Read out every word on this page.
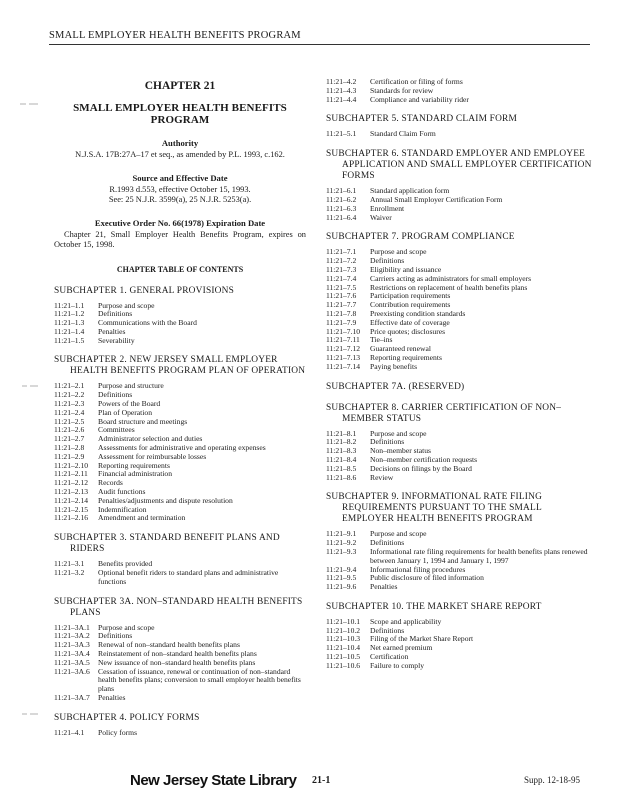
SMALL EMPLOYER HEALTH BENEFITS PROGRAM
CHAPTER 21
SMALL EMPLOYER HEALTH BENEFITS PROGRAM
Authority
N.J.S.A. 17B:27A–17 et seq., as amended by P.L. 1993, c.162.
Source and Effective Date
R.1993 d.553, effective October 15, 1993.
See: 25 N.J.R. 3599(a), 25 N.J.R. 5253(a).
Executive Order No. 66(1978) Expiration Date
Chapter 21, Small Employer Health Benefits Program, expires on October 15, 1998.
CHAPTER TABLE OF CONTENTS
SUBCHAPTER 1. GENERAL PROVISIONS
11:21–1.1	Purpose and scope
11:21–1.2	Definitions
11:21–1.3	Communications with the Board
11:21–1.4	Penalties
11:21–1.5	Severability
SUBCHAPTER 2. NEW JERSEY SMALL EMPLOYER HEALTH BENEFITS PROGRAM PLAN OF OPERATION
11:21–2.1	Purpose and structure
11:21–2.2	Definitions
11:21–2.3	Powers of the Board
11:21–2.4	Plan of Operation
11:21–2.5	Board structure and meetings
11:21–2.6	Committees
11:21–2.7	Administrator selection and duties
11:21–2.8	Assessments for administrative and operating expenses
11:21–2.9	Assessment for reimbursable losses
11:21–2.10	Reporting requirements
11:21–2.11	Financial administration
11:21–2.12	Records
11:21–2.13	Audit functions
11:21–2.14	Penalties/adjustments and dispute resolution
11:21–2.15	Indemnification
11:21–2.16	Amendment and termination
SUBCHAPTER 3. STANDARD BENEFIT PLANS AND RIDERS
11:21–3.1	Benefits provided
11:21–3.2	Optional benefit riders to standard plans and administrative functions
SUBCHAPTER 3A. NON–STANDARD HEALTH BENEFITS PLANS
11:21–3A.1	Purpose and scope
11:21–3A.2	Definitions
11:21–3A.3	Renewal of non–standard health benefits plans
11:21–3A.4	Reinstatement of non–standard health benefits plans
11:21–3A.5	New issuance of non–standard health benefits plans
11:21–3A.6	Cessation of issuance, renewal or continuation of non–standard health benefits plans; conversion to small employer health benefits plans
11:21–3A.7	Penalties
SUBCHAPTER 4. POLICY FORMS
11:21–4.1	Policy forms
11:21–4.2	Certification or filing of forms
11:21–4.3	Standards for review
11:21–4.4	Compliance and variability rider
SUBCHAPTER 5. STANDARD CLAIM FORM
11:21–5.1	Standard Claim Form
SUBCHAPTER 6. STANDARD EMPLOYER AND EMPLOYEE APPLICATION AND SMALL EMPLOYER CERTIFICATION FORMS
11:21–6.1	Standard application form
11:21–6.2	Annual Small Employer Certification Form
11:21–6.3	Enrollment
11:21–6.4	Waiver
SUBCHAPTER 7. PROGRAM COMPLIANCE
11:21–7.1	Purpose and scope
11:21–7.2	Definitions
11:21–7.3	Eligibility and issuance
11:21–7.4	Carriers acting as administrators for small employers
11:21–7.5	Restrictions on replacement of health benefits plans
11:21–7.6	Participation requirements
11:21–7.7	Contribution requirements
11:21–7.8	Preexisting condition standards
11:21–7.9	Effective date of coverage
11:21–7.10	Price quotes; disclosures
11:21–7.11	Tie–ins
11:21–7.12	Guaranteed renewal
11:21–7.13	Reporting requirements
11:21–7.14	Paying benefits
SUBCHAPTER 7A. (RESERVED)
SUBCHAPTER 8. CARRIER CERTIFICATION OF NON– MEMBER STATUS
11:21–8.1	Purpose and scope
11:21–8.2	Definitions
11:21–8.3	Non–member status
11:21–8.4	Non–member certification requests
11:21–8.5	Decisions on filings by the Board
11:21–8.6	Review
SUBCHAPTER 9. INFORMATIONAL RATE FILING REQUIREMENTS PURSUANT TO THE SMALL EMPLOYER HEALTH BENEFITS PROGRAM
11:21–9.1	Purpose and scope
11:21–9.2	Definitions
11:21–9.3	Informational rate filing requirements for health benefits plans renewed between January 1, 1994 and January 1, 1997
11:21–9.4	Informational filing procedures
11:21–9.5	Public disclosure of filed information
11:21–9.6	Penalties
SUBCHAPTER 10. THE MARKET SHARE REPORT
11:21–10.1	Scope and applicability
11:21–10.2	Definitions
11:21–10.3	Filing of the Market Share Report
11:21–10.4	Net earned premium
11:21–10.5	Certification
11:21–10.6	Failure to comply
New Jersey State Library 21-1	Supp. 12-18-95
